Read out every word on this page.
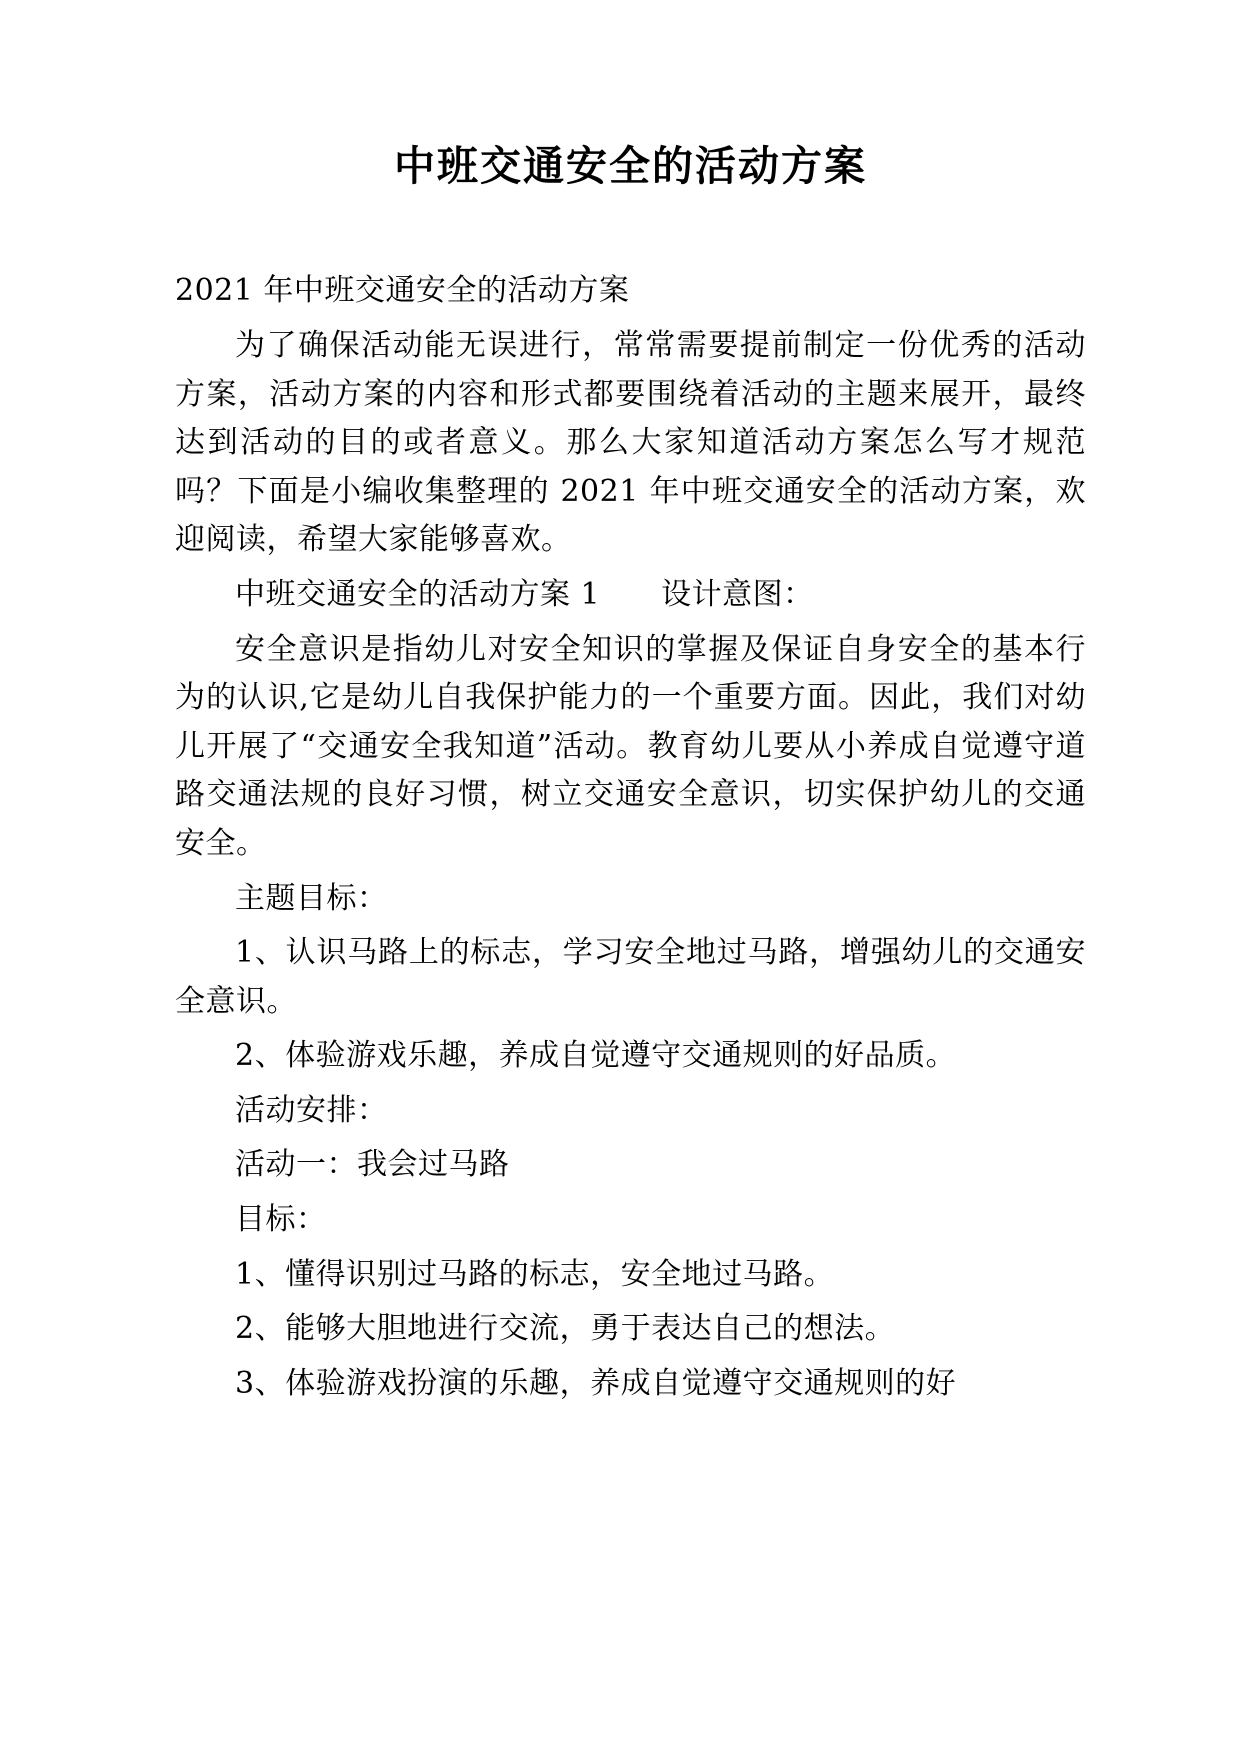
中班交通安全的活动方案

2021 年中班交通安全的活动方案

为了确保活动能无误进行，常常需要提前制定一份优秀的活动方案，活动方案的内容和形式都要围绕着活动的主题来展开，最终达到活动的目的或者意义。那么大家知道活动方案怎么写才规范吗？下面是小编收集整理的 2021 年中班交通安全的活动方案，欢迎阅读，希望大家能够喜欢。

中班交通安全的活动方案 1　　设计意图：

安全意识是指幼儿对安全知识的掌握及保证自身安全的基本行为的认识,它是幼儿自我保护能力的一个重要方面。因此，我们对幼儿开展了“交通安全我知道”活动。教育幼儿要从小养成自觉遵守道路交通法规的良好习惯，树立交通安全意识，切实保护幼儿的交通安全。

主题目标：

1、认识马路上的标志，学习安全地过马路，增强幼儿的交通安全意识。

2、体验游戏乐趣，养成自觉遵守交通规则的好品质。

活动安排：

活动一：我会过马路

目标：

1、懂得识别过马路的标志，安全地过马路。

2、能够大胆地进行交流，勇于表达自己的想法。

3、体验游戏扮演的乐趣，养成自觉遵守交通规则的好
